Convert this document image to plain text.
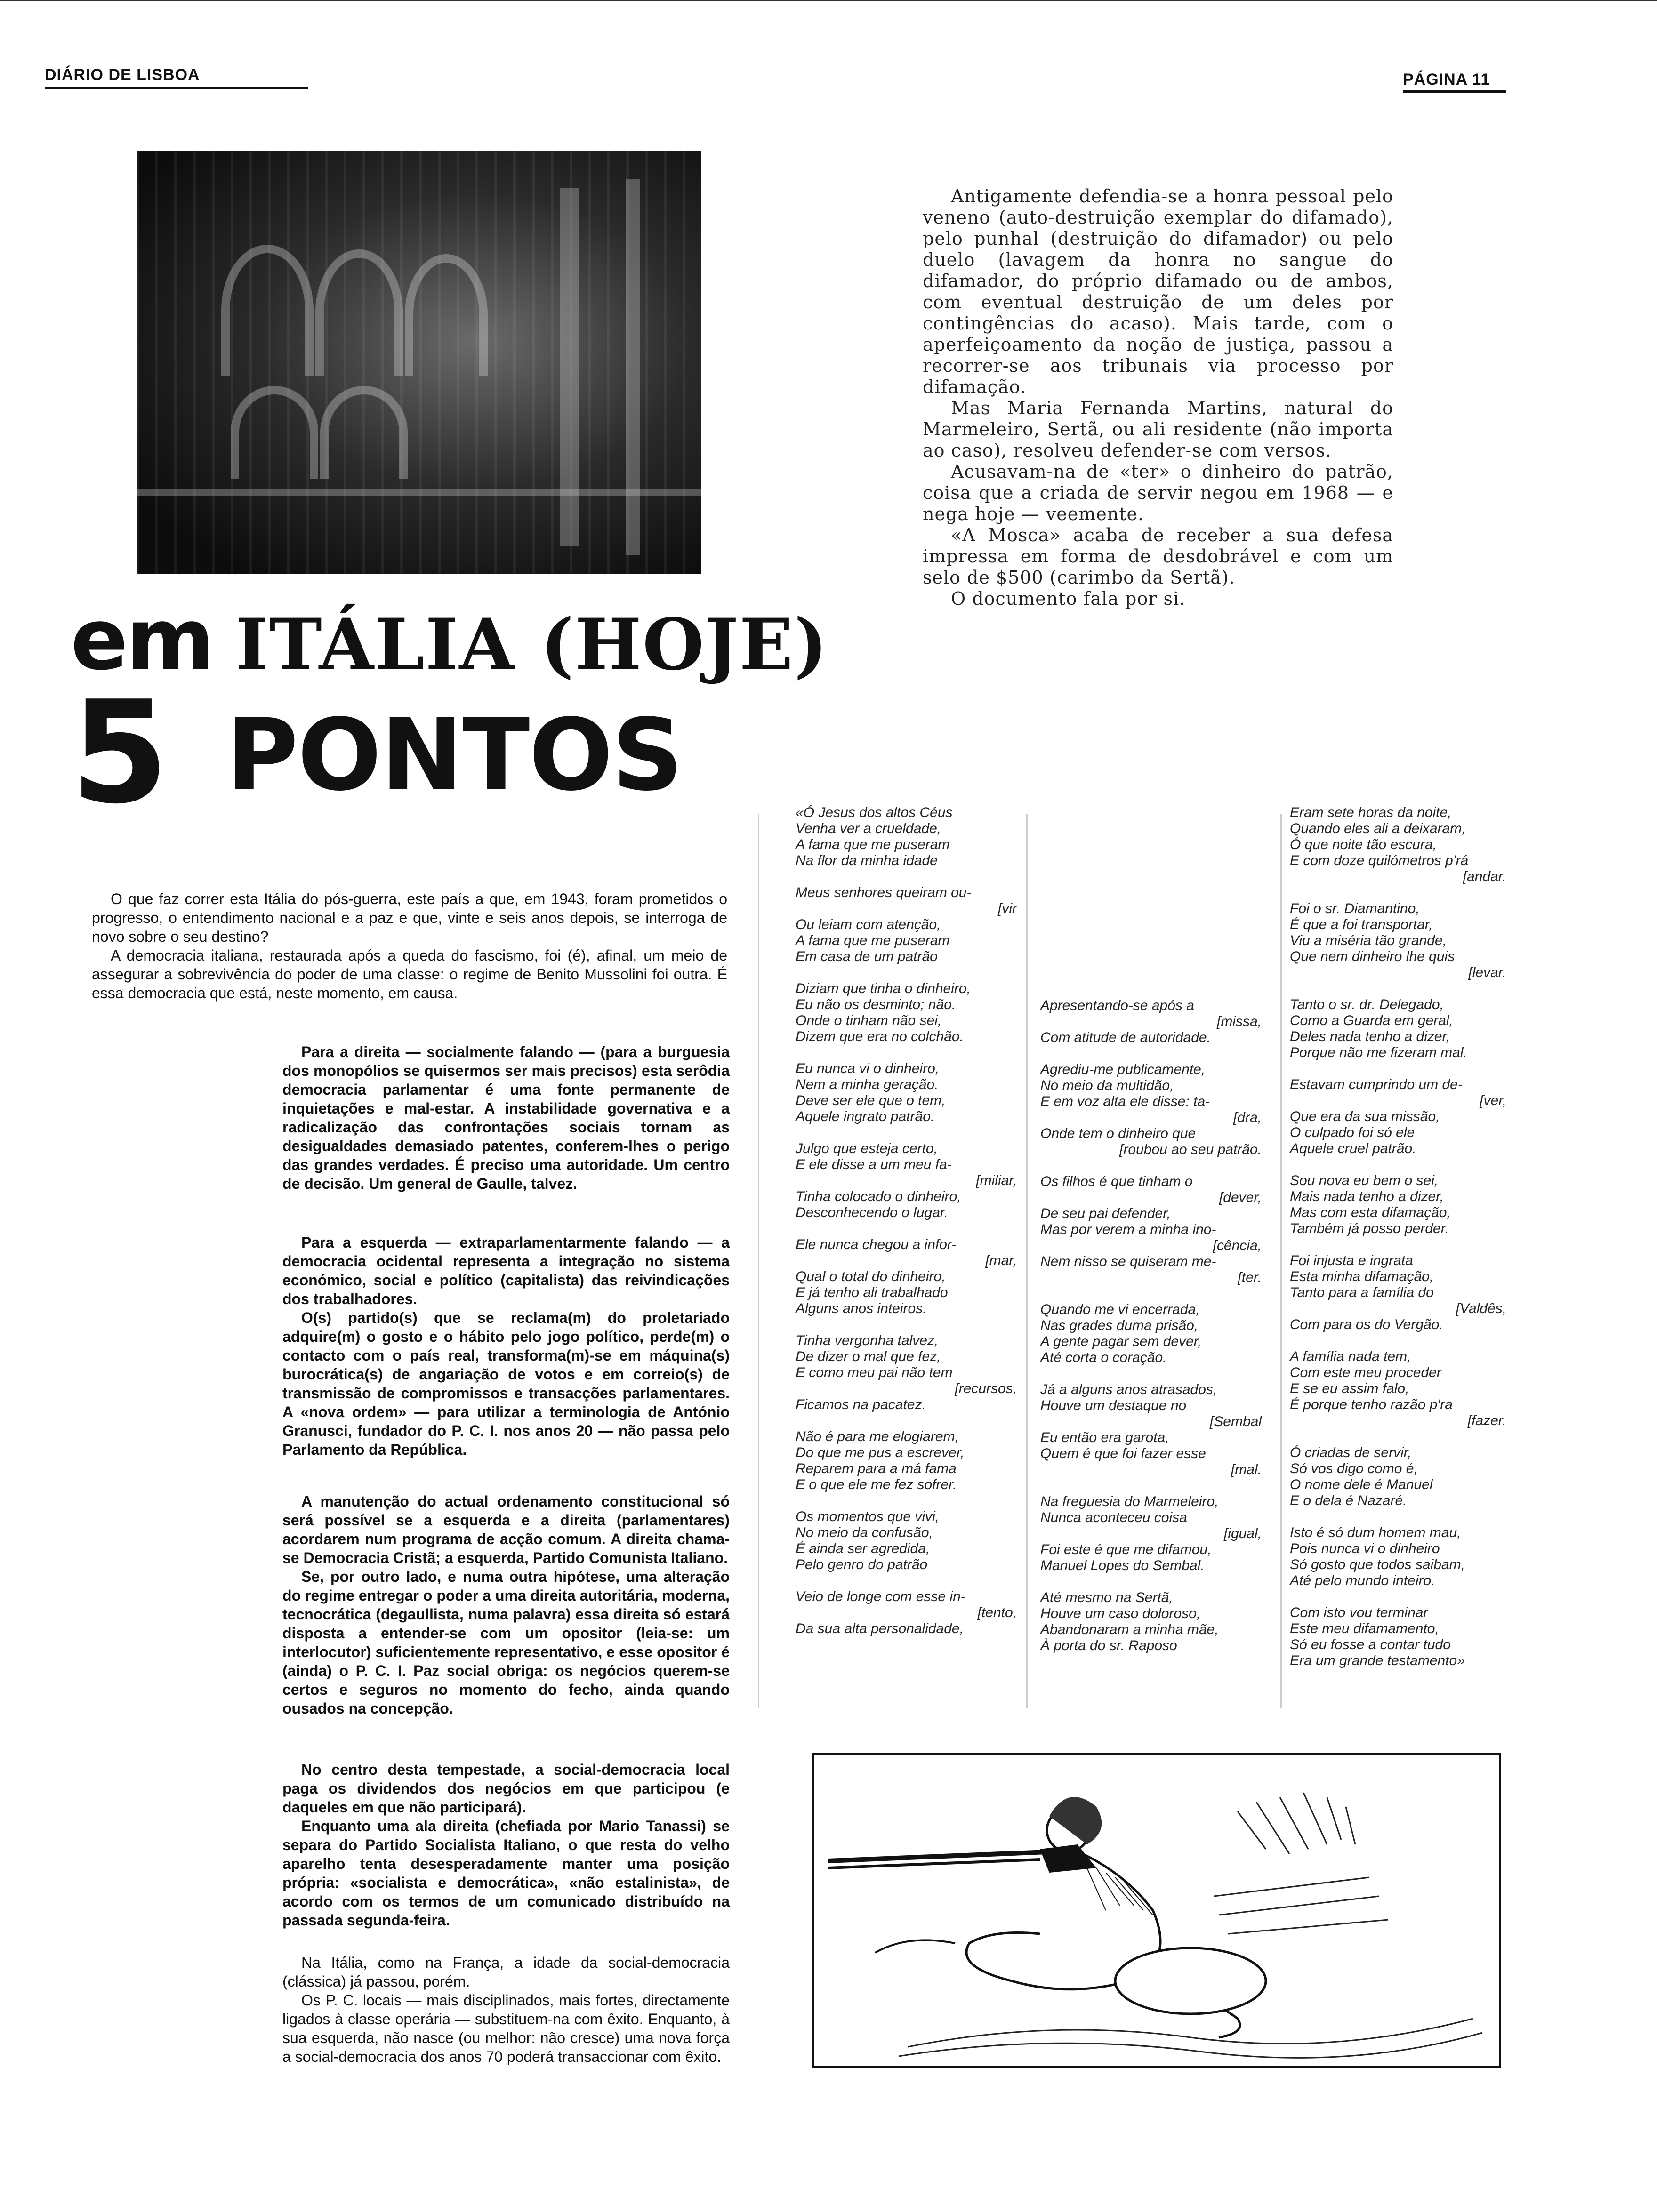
DIÁRIO DE LISBOA	PÁGINA 11

Antigamente defendia-se a honra pessoal pelo veneno (auto-destruição exemplar do difamado), pelo punhal (destruição do difamador) ou pelo duelo (lavagem da honra no sangue do difamador, do próprio difamado ou de ambos, com eventual destruição de um deles por contingências do acaso). Mais tarde, com o aperfeiçoamento da noção de justiça, passou a recorrer-se aos tribunais via processo por difamação.

Mas Maria Fernanda Martins, natural do Marmeleiro, Sertã, ou ali residente (não importa ao caso), resolveu defender-se com versos.

Acusavam-na de «ter» o dinheiro do patrão, coisa que a criada de servir negou em 1968 — e nega hoje — veemente.

«A Mosca» acaba de receber a sua defesa impressa em forma de desdobrável e com um selo de $500 (carimbo da Sertã).

O documento fala por si.

em ITÁLIA (HOJE)
5 PONTOS

O que faz correr esta Itália do pós-guerra, este país a que, em 1943, foram prometidos o progresso, o entendimento nacional e a paz e que, vinte e seis anos depois, se interroga de novo sobre o seu destino?

A democracia italiana, restaurada após a queda do fascismo, foi (é), afinal, um meio de assegurar a sobrevivência do poder de uma classe: o regime de Benito Mussolini foi outra. É essa democracia que está, neste momento, em causa.

Para a direita — socialmente falando — (para a burguesia dos monopólios se quisermos ser mais precisos) esta serôdia democracia parlamentar é uma fonte permanente de inquietações e mal-estar. A instabilidade governativa e a radicalização das confrontações sociais tornam as desigualdades demasiado patentes, conferem-lhes o perigo das grandes verdades. É preciso uma autoridade. Um centro de decisão. Um general de Gaulle, talvez.

Para a esquerda — extraparlamentarmente falando — a democracia ocidental representa a integração no sistema económico, social e político (capitalista) das reivindicações dos trabalhadores.

O(s) partido(s) que se reclama(m) do proletariado adquire(m) o gosto e o hábito pelo jogo político, perde(m) o contacto com o país real, transforma(m)-se em máquina(s) burocrática(s) de angariação de votos e em correio(s) de transmissão de compromissos e transacções parlamentares. A «nova ordem» — para utilizar a terminologia de António Granusci, fundador do P. C. I. nos anos 20 — não passa pelo Parlamento da República.

A manutenção do actual ordenamento constitucional só será possível se a esquerda e a direita (parlamentares) acordarem num programa de acção comum. A direita chama-se Democracia Cristã; a esquerda, Partido Comunista Italiano.

Se, por outro lado, e numa outra hipótese, uma alteração do regime entregar o poder a uma direita autoritária, moderna, tecnocrática (degaullista, numa palavra) essa direita só estará disposta a entender-se com um opositor (leia-se: um interlocutor) suficientemente representativo, e esse opositor é (ainda) o P. C. I. Paz social obriga: os negócios querem-se certos e seguros no momento do fecho, ainda quando ousados na concepção.

No centro desta tempestade, a social-democracia local paga os dividendos dos negócios em que participou (e daqueles em que não participará).

Enquanto uma ala direita (chefiada por Mario Tanassi) se separa do Partido Socialista Italiano, o que resta do velho aparelho tenta desesperadamente manter uma posição própria: «socialista e democrática», «não estalinista», de acordo com os termos de um comunicado distribuído na passada segunda-feira.

Na Itália, como na França, a idade da social-democracia (clássica) já passou, porém.

Os P. C. locais — mais disciplinados, mais fortes, directamente ligados à classe operária — substituem-na com êxito. Enquanto, à sua esquerda, não nasce (ou melhor: não cresce) uma nova força a social-democracia dos anos 70 poderá transaccionar com êxito.

«Ó Jesus dos altos Céus
Venha ver a crueldade,
A fama que me puseram
Na flor da minha idade
Meus senhores queiram ou-
[vir
Ou leiam com atenção,
A fama que me puseram
Em casa de um patrão
Diziam que tinha o dinheiro,
Eu não os desminto; não.
Onde o tinham não sei,
Dizem que era no colchão.
Eu nunca vi o dinheiro,
Nem a minha geração.
Deve ser ele que o tem,
Aquele ingrato patrão.
Julgo que esteja certo,
E ele disse a um meu fa-
[miliar,
Tinha colocado o dinheiro,
Desconhecendo o lugar.
Ele nunca chegou a infor-
[mar,
Qual o total do dinheiro,
E já tenho ali trabalhado
Alguns anos inteiros.
Tinha vergonha talvez,
De dizer o mal que fez,
E como meu pai não tem
[recursos,
Ficamos na pacatez.
Não é para me elogiarem,
Do que me pus a escrever,
Reparem para a má fama
E o que ele me fez sofrer.
Os momentos que vivi,
No meio da confusão,
É ainda ser agredida,
Pelo genro do patrão
Veio de longe com esse in-
[tento,
Da sua alta personalidade,
Apresentando-se após a
[missa,
Com atitude de autoridade.
Agrediu-me publicamente,
No meio da multidão,
E em voz alta ele disse: ta-
[dra,
Onde tem o dinheiro que
[roubou ao seu patrão.
Os filhos é que tinham o
[dever,
De seu pai defender,
Mas por verem a minha ino-
[cência,
Nem nisso se quiseram me-
[ter.
Quando me vi encerrada,
Nas grades duma prisão,
A gente pagar sem dever,
Até corta o coração.
Já a alguns anos atrasados,
Houve um destaque no
[Sembal
Eu então era garota,
Quem é que foi fazer esse
[mal.
Na freguesia do Marmeleiro,
Nunca aconteceu coisa
[igual,
Foi este é que me difamou,
Manuel Lopes do Sembal.
Até mesmo na Sertã,
Houve um caso doloroso,
Abandonaram a minha mãe,
À porta do sr. Raposo
Eram sete horas da noite,
Quando eles ali a deixaram,
Ó que noite tão escura,
E com doze quilómetros p'rá
[andar.
Foi o sr. Diamantino,
É que a foi transportar,
Viu a miséria tão grande,
Que nem dinheiro lhe quis
[levar.
Tanto o sr. dr. Delegado,
Como a Guarda em geral,
Deles nada tenho a dizer,
Porque não me fizeram mal.
Estavam cumprindo um de-
[ver,
Que era da sua missão,
O culpado foi só ele
Aquele cruel patrão.
Sou nova eu bem o sei,
Mais nada tenho a dizer,
Mas com esta difamação,
Também já posso perder.
Foi injusta e ingrata
Esta minha difamação,
Tanto para a família do
[Valdês,
Com para os do Vergão.
A família nada tem,
Com este meu proceder
E se eu assim falo,
É porque tenho razão p'ra
[fazer.
Ó criadas de servir,
Só vos digo como é,
O nome dele é Manuel
E o dela é Nazaré.
Isto é só dum homem mau,
Pois nunca vi o dinheiro
Só gosto que todos saibam,
Até pelo mundo inteiro.
Com isto vou terminar
Este meu difamamento,
Só eu fosse a contar tudo
Era um grande testamento»
